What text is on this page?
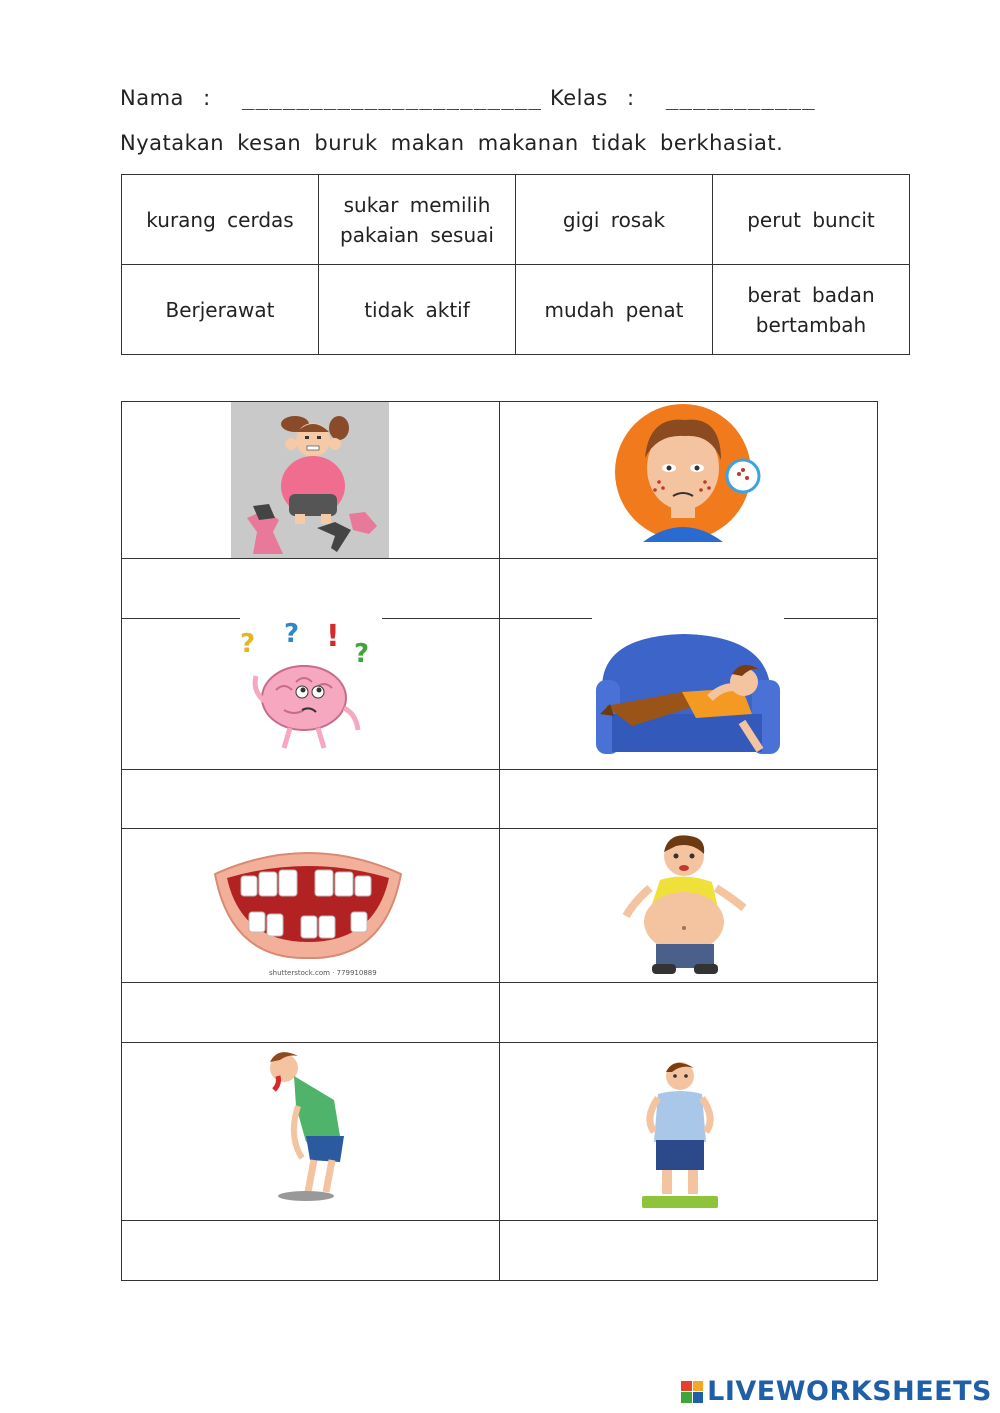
Nama : ______________________ Kelas : ___________
Nyatakan kesan buruk makan makanan tidak berkhasiat.
kurang cerdas	sukar memilih pakaian sesuai	gigi rosak	perut buncit
Berjerawat	tidak aktif	mudah penat	berat badan bertambah
? ? ! ?
shutterstock.com · 779910889
LIVEWORKSHEETS
